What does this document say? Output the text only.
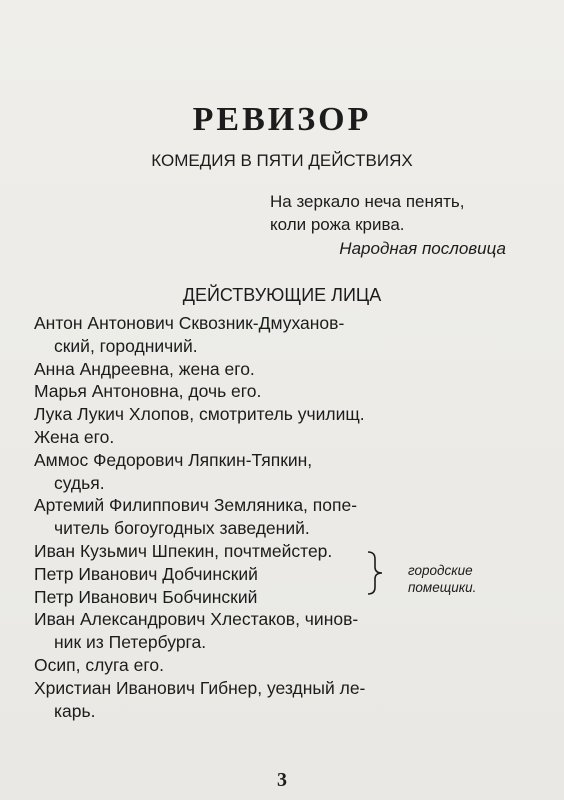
РЕВИЗОР
КОМЕДИЯ В ПЯТИ ДЕЙСТВИЯХ
На зеркало неча пенять,
коли рожа крива.
Народная пословица
ДЕЙСТВУЮЩИЕ ЛИЦА
Антон Антонович Сквозник-Дмуханов-
ский, городничий.
Анна Андреевна, жена его.
Марья Антоновна, дочь его.
Лука Лукич Хлопов, смотритель училищ.
Жена его.
Аммос Федорович Ляпкин-Тяпкин,
судья.
Артемий Филиппович Земляника, попе-
читель богоугодных заведений.
Иван Кузьмич Шпекин, почтмейстер.
Петр Иванович Добчинский
Петр Иванович Бобчинский
Иван Александрович Хлестаков, чинов-
ник из Петербурга.
Осип, слуга его.
Христиан Иванович Гибнер, уездный ле-
карь.
городские
помещики.
3
